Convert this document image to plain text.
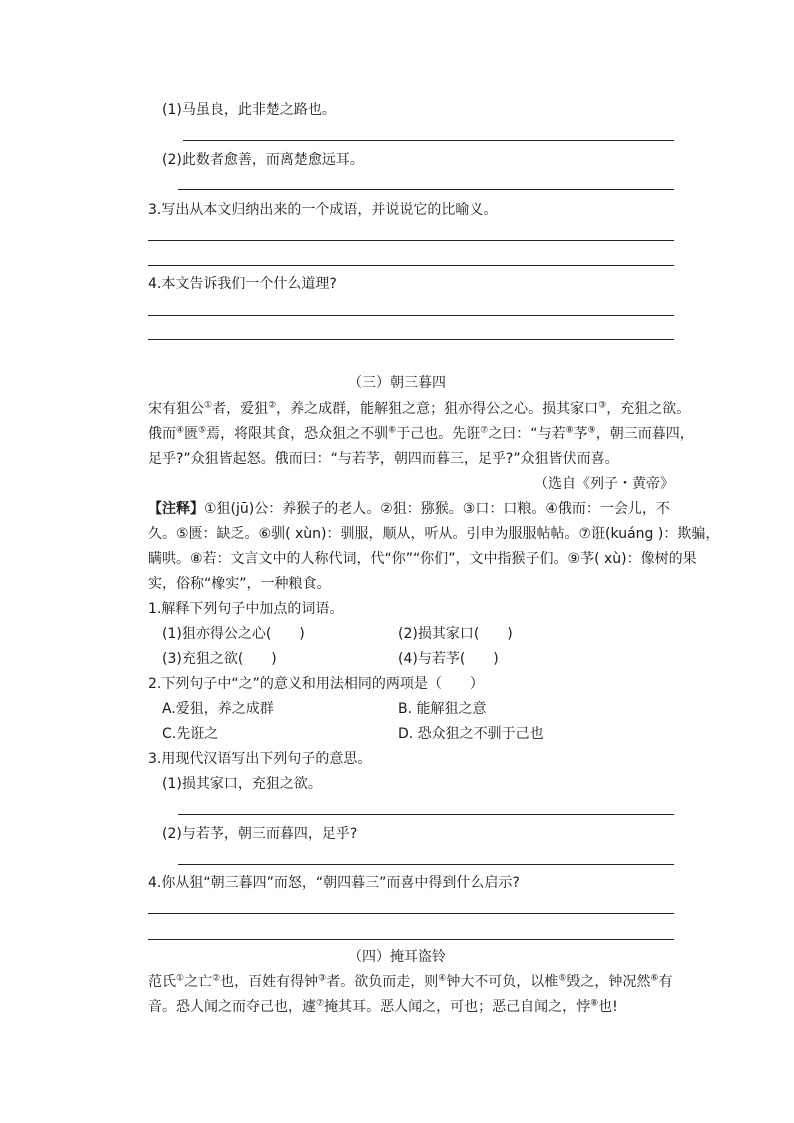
(1)马虽良，此非楚之路也。
(2)此数者愈善，而离楚愈远耳。
3.写出从本文归纳出来的一个成语，并说说它的比喻义。
4.本文告诉我们一个什么道理?
（三）朝三暮四
宋有狙公①者，爱狙②，养之成群，能解狙之意；狙亦得公之心。损其家口③，充狙之欲。
俄而④匮⑤焉，将限其食，恐众狙之不驯⑥于己也。先诳⑦之曰：“与若⑧芧⑨，朝三而暮四，
足乎?”众狙皆起怒。俄而曰：“与若芧，朝四而暮三，足乎?”众狙皆伏而喜。
（选自《列子・黄帝》
【注释】①狙(jū)公：养猴子的老人。②狙：猕猴。③口：口粮。④俄而：一会儿，不
久。⑤匮：缺乏。⑥驯( xùn)：驯服，顺从，听从。引申为服服帖帖。⑦诳(kuáng )：欺骗，
瞒哄。⑧若：文言文中的人称代词，代“你”“你们”，文中指猴子们。⑨芧( xù)：像树的果
实，俗称“橡实”，一种粮食。
1.解释下列句子中加点的词语。
(1)狙亦得公之心(　　)	(2)损其家口(　　)
(3)充狙之欲(　　)	(4)与若芧(　　)
2.下列句子中“之”的意义和用法相同的两项是（　　）
A.爱狙，养之成群	B. 能解狙之意
C.先诳之	D. 恐众狙之不驯于己也
3.用现代汉语写出下列句子的意思。
(1)损其家口，充狙之欲。
(2)与若芧，朝三而暮四，足乎?
4.你从狙“朝三暮四”而怒，“朝四暮三”而喜中得到什么启示?
（四）掩耳盗铃
范氏①之亡②也，百姓有得钟③者。欲负而走，则④钟大不可负，以椎⑤毁之，钟况然⑥有
音。恐人闻之而夺己也，遽⑦掩其耳。恶人闻之，可也；恶己自闻之，悖⑧也!
